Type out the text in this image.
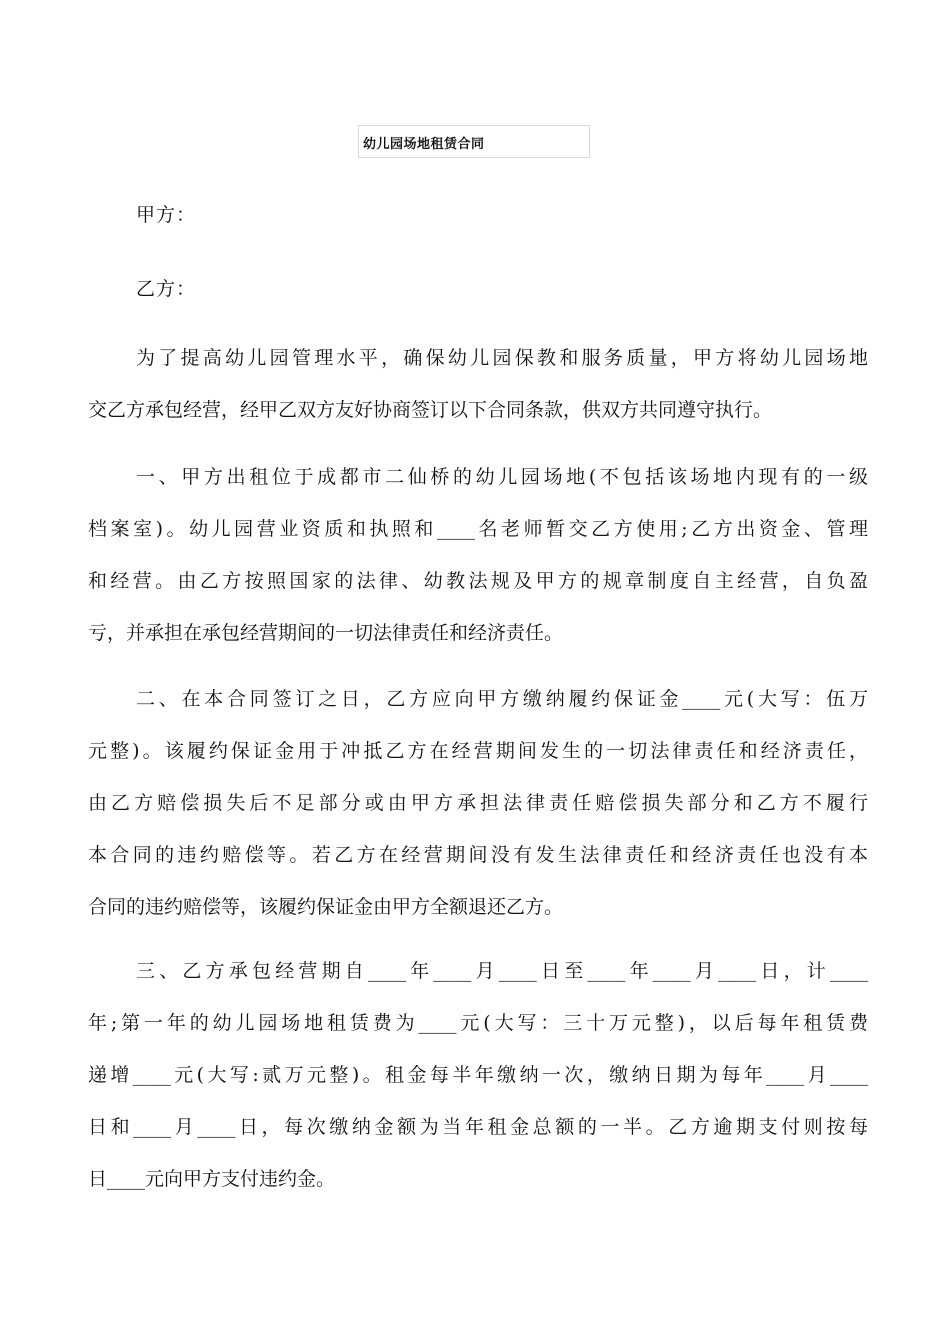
幼儿园场地租赁合同
甲方：
乙方：
为了提高幼儿园管理水平，确保幼儿园保教和服务质量，甲方将幼儿园场地
交乙方承包经营，经甲乙双方友好协商签订以下合同条款，供双方共同遵守执行。
一、甲方出租位于成都市二仙桥的幼儿园场地(不包括该场地内现有的一级
档案室)。幼儿园营业资质和执照和____名老师暂交乙方使用;乙方出资金、管理
和经营。由乙方按照国家的法律、幼教法规及甲方的规章制度自主经营，自负盈
亏，并承担在承包经营期间的一切法律责任和经济责任。
二、在本合同签订之日，乙方应向甲方缴纳履约保证金____元(大写：伍万
元整)。该履约保证金用于冲抵乙方在经营期间发生的一切法律责任和经济责任，
由乙方赔偿损失后不足部分或由甲方承担法律责任赔偿损失部分和乙方不履行
本合同的违约赔偿等。若乙方在经营期间没有发生法律责任和经济责任也没有本
合同的违约赔偿等，该履约保证金由甲方全额退还乙方。
三、乙方承包经营期自____年____月____日至____年____月____日，计____
年;第一年的幼儿园场地租赁费为____元(大写：三十万元整)，以后每年租赁费
递增____元(大写:贰万元整)。租金每半年缴纳一次，缴纳日期为每年____月____
日和____月____日，每次缴纳金额为当年租金总额的一半。乙方逾期支付则按每
日____元向甲方支付违约金。
